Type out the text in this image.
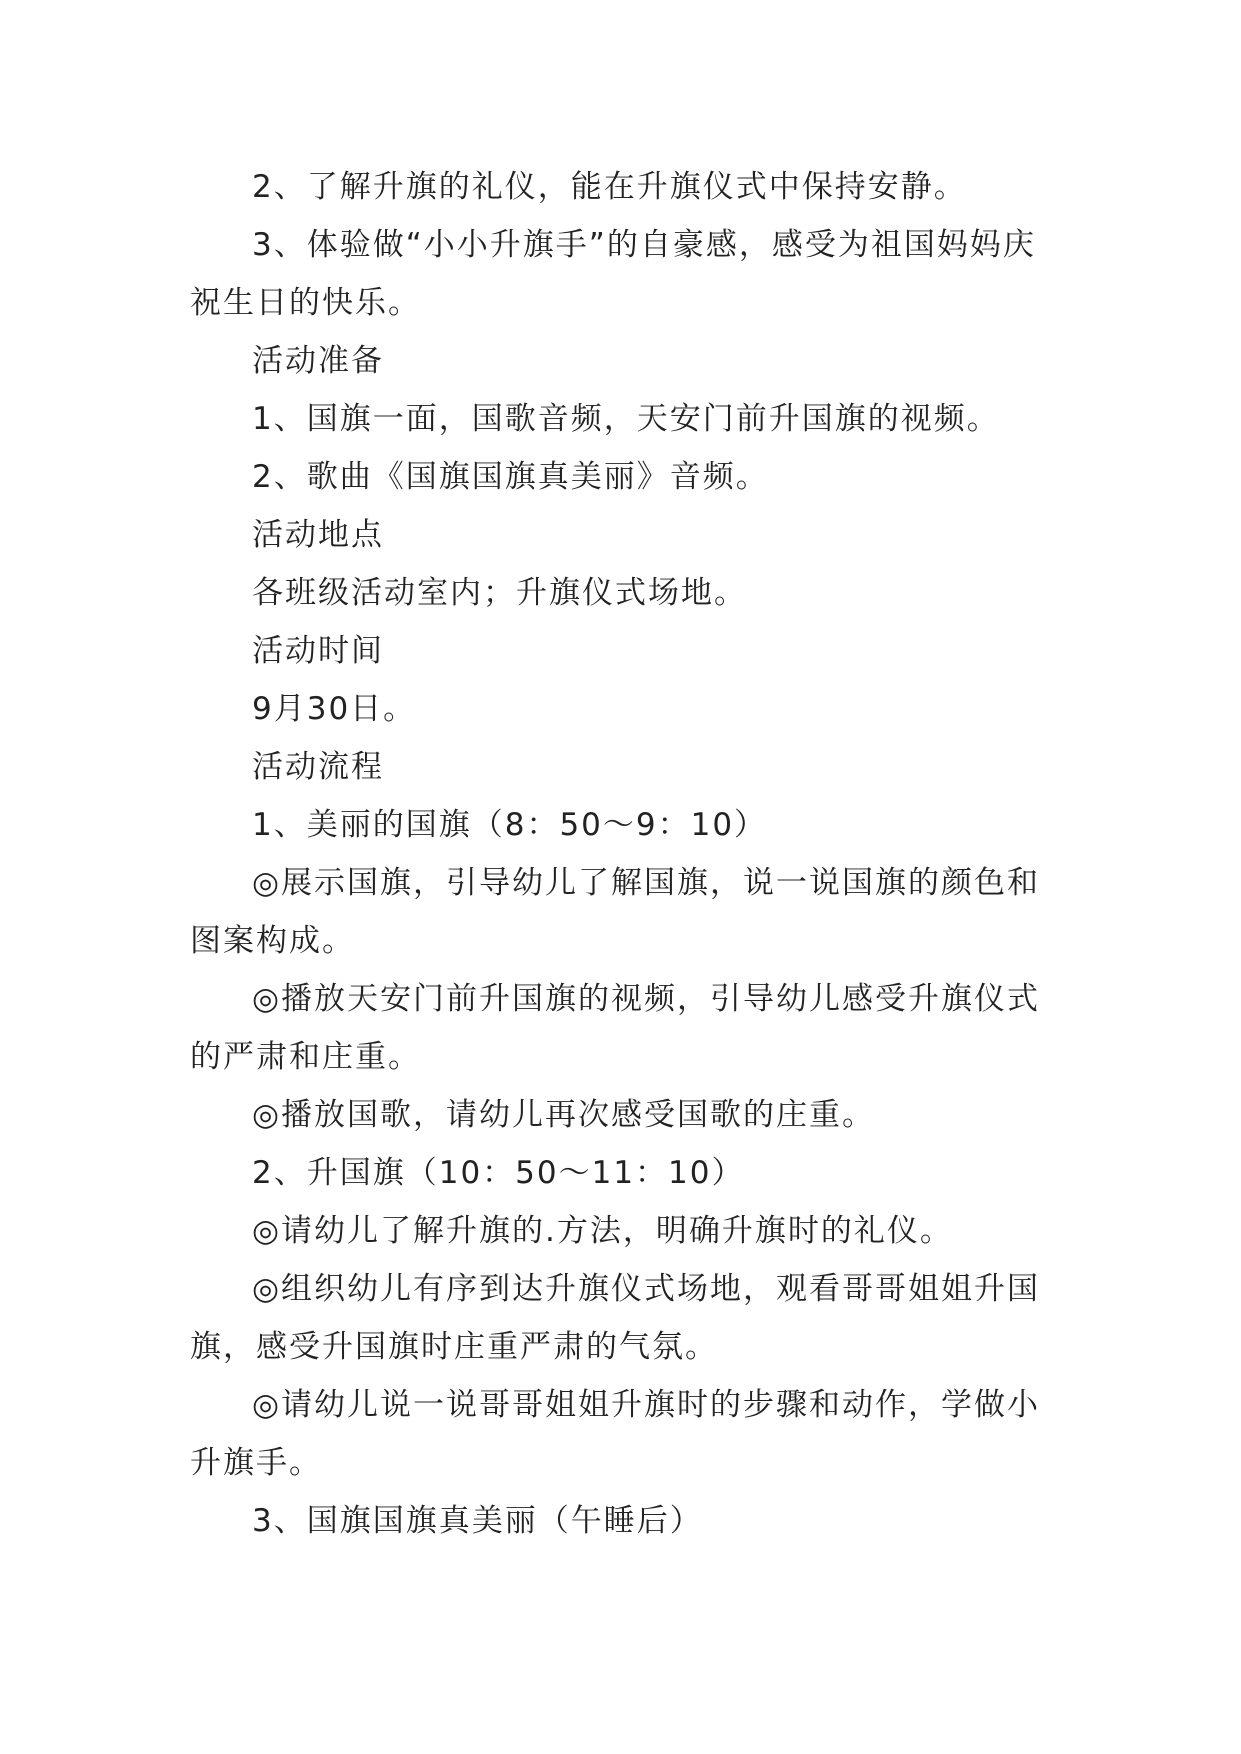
2、了解升旗的礼仪，能在升旗仪式中保持安静。

3、体验做“小小升旗手”的自豪感，感受为祖国妈妈庆祝生日的快乐。

活动准备

1、国旗一面，国歌音频，天安门前升国旗的视频。

2、歌曲《国旗国旗真美丽》音频。

活动地点

各班级活动室内；升旗仪式场地。

活动时间

9月30日。

活动流程

1、美丽的国旗（8：50～9：10）

◎展示国旗，引导幼儿了解国旗，说一说国旗的颜色和图案构成。

◎播放天安门前升国旗的视频，引导幼儿感受升旗仪式的严肃和庄重。

◎播放国歌，请幼儿再次感受国歌的庄重。

2、升国旗（10：50～11：10）

◎请幼儿了解升旗的.方法，明确升旗时的礼仪。

◎组织幼儿有序到达升旗仪式场地，观看哥哥姐姐升国旗，感受升国旗时庄重严肃的气氛。

◎请幼儿说一说哥哥姐姐升旗时的步骤和动作，学做小升旗手。

3、国旗国旗真美丽（午睡后）
